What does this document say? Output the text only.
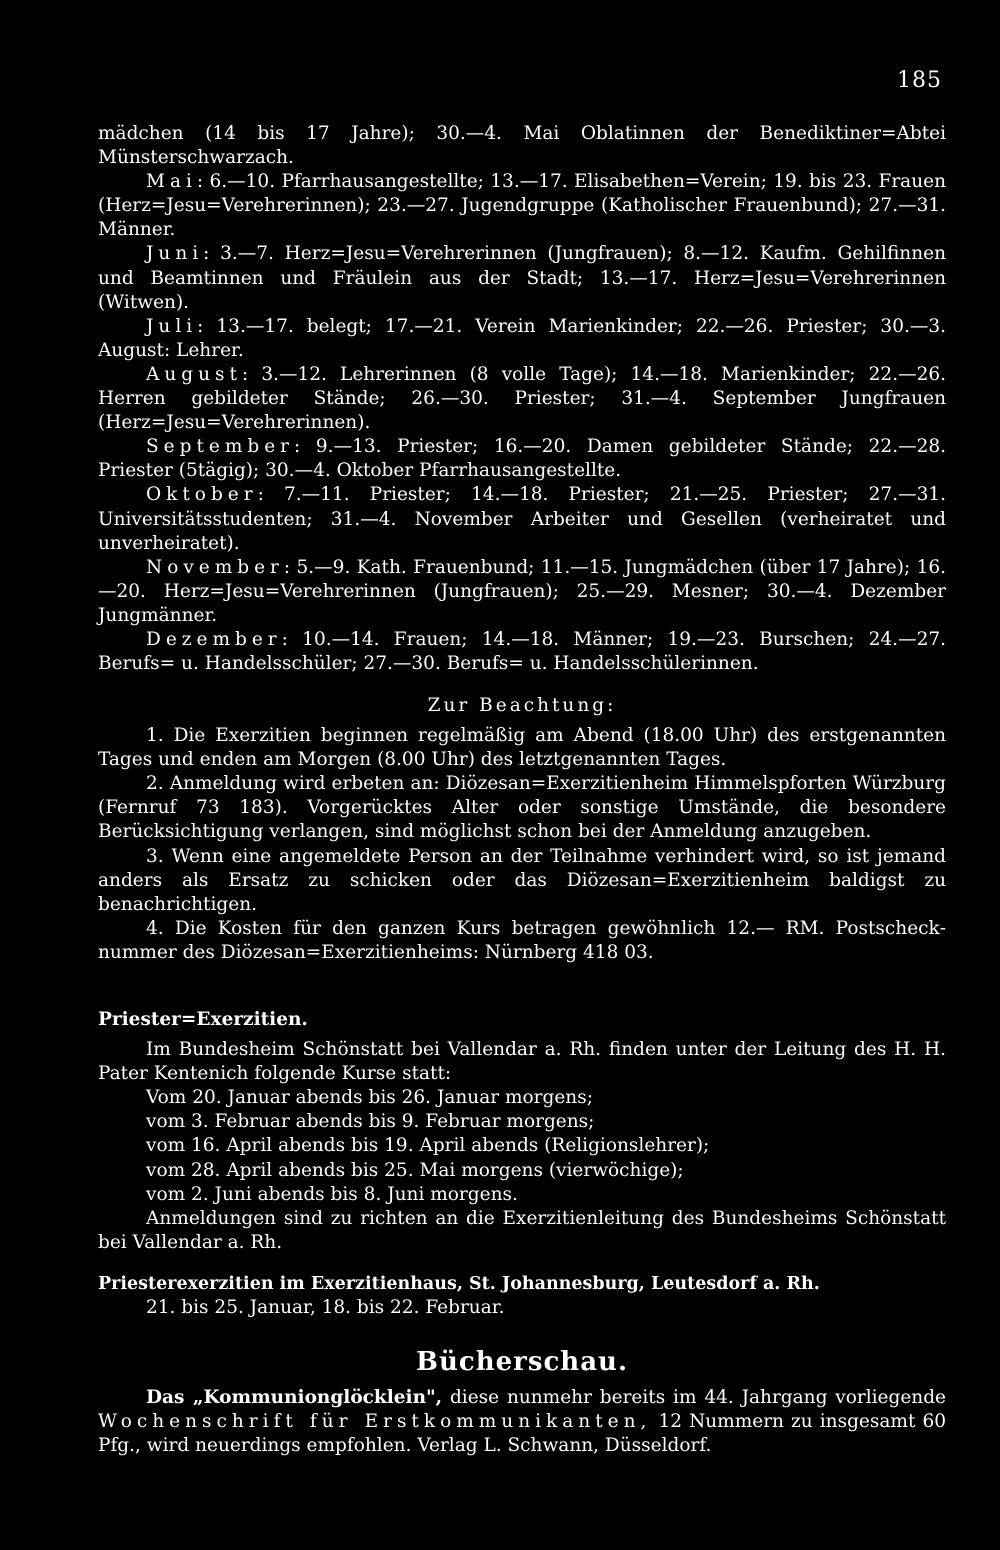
185

mädchen (14 bis 17 Jahre); 30.—4. Mai Oblatinnen der Benediktiner=Abtei Münsterschwarzach.

Mai: 6.—10. Pfarrhausangestellte; 13.—17. Elisabethen=Verein; 19. bis 23. Frauen (Herz=Jesu=Verehrerinnen); 23.—27. Jugendgruppe (Katholischer Frauenbund); 27.—31. Männer.

Juni: 3.—7. Herz=Jesu=Verehrerinnen (Jungfrauen); 8.—12. Kaufm. Gehilfinnen und Beamtinnen und Fräulein aus der Stadt; 13.—17. Herz=Jesu=Verehrerinnen (Witwen).

Juli: 13.—17. belegt; 17.—21. Verein Marienkinder; 22.—26. Priester; 30.—3. August: Lehrer.

August: 3.—12. Lehrerinnen (8 volle Tage); 14.—18. Marienkinder; 22.—26. Herren gebildeter Stände; 26.—30. Priester; 31.—4. September Jungfrauen (Herz=Jesu=Verehrerinnen).

September: 9.—13. Priester; 16.—20. Damen gebildeter Stände; 22.—28. Priester (5tägig); 30.—4. Oktober Pfarrhausangestellte.

Oktober: 7.—11. Priester; 14.—18. Priester; 21.—25. Priester; 27.—31. Universitätsstudenten; 31.—4. November Arbeiter und Gesellen (verheiratet und unverheiratet).

November: 5.—9. Kath. Frauenbund; 11.—15. Jungmädchen (über 17 Jahre); 16.—20. Herz=Jesu=Verehrerinnen (Jungfrauen); 25.—29. Mesner; 30.—4. Dezember Jungmänner.

Dezember: 10.—14. Frauen; 14.—18. Männer; 19.—23. Burschen; 24.—27. Berufs= u. Handelsschüler; 27.—30. Berufs= u. Handelsschülerinnen.

Zur Beachtung:

1. Die Exerzitien beginnen regelmäßig am Abend (18.00 Uhr) des erstgenannten Tages und enden am Morgen (8.00 Uhr) des letztgenannten Tages.

2. Anmeldung wird erbeten an: Diözesan=Exerzitienheim Himmelspforten Würzburg (Fernruf 73 183). Vorgerücktes Alter oder sonstige Umstände, die besondere Berücksichtigung verlangen, sind möglichst schon bei der Anmeldung anzugeben.

3. Wenn eine angemeldete Person an der Teilnahme verhindert wird, so ist jemand anders als Ersatz zu schicken oder das Diözesan=Exerzitienheim baldigst zu benachrichtigen.

4. Die Kosten für den ganzen Kurs betragen gewöhnlich 12.— RM. Postschecknummer des Diözesan=Exerzitienheims: Nürnberg 418 03.

Priester=Exerzitien.

Im Bundesheim Schönstatt bei Vallendar a. Rh. finden unter der Leitung des H. H. Pater Kentenich folgende Kurse statt:

Vom 20. Januar abends bis 26. Januar morgens;

vom 3. Februar abends bis 9. Februar morgens;

vom 16. April abends bis 19. April abends (Religionslehrer);

vom 28. April abends bis 25. Mai morgens (vierwöchige);

vom 2. Juni abends bis 8. Juni morgens.

Anmeldungen sind zu richten an die Exerzitienleitung des Bundesheims Schönstatt bei Vallendar a. Rh.

Priesterexerzitien im Exerzitienhaus, St. Johannesburg, Leutesdorf a. Rh.

21. bis 25. Januar, 18. bis 22. Februar.

Bücherschau.

Das „Kommunionglöcklein", diese nunmehr bereits im 44. Jahrgang vorliegende Wochenschrift für Erstkommunikanten, 12 Nummern zu insgesamt 60 Pfg., wird neuerdings empfohlen. Verlag L. Schwann, Düsseldorf.
